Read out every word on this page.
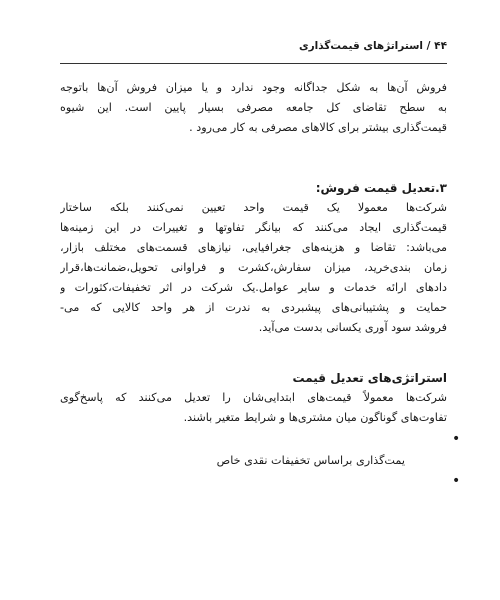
۴۴ / استراتژهای قیمت‌گذاری
فروش آن‌ها به شکل جداگانه وجود ندارد و یا میزان فروش آن‌ها باتوجه
به سطح تقاضای کل جامعه مصرفی بسیار پایین است. این شیوه
قیمت‌گذاری بیشتر برای کالاهای مصرفی به کار می‌رود .
۳.تعدیل قیمت فروش:
شرکت‌ها معمولا یک قیمت واحد تعیین نمی‌کنند بلکه ساختار
قیمت‌گذاری ایجاد می‌کنند که بیانگر تفاوتها و تغییرات در این زمینه‌ها
می‌باشد: تقاضا و هزینه‌های جغرافیایی، نیازهای قسمت‌های مختلف بازار،
زمان بندی‌خرید، میزان سفارش،کشرت و فراوانی تحویل،ضمانت‌ها،قرار
دادهای ارائه خدمات و سایر عوامل.یک شرکت در اثر تخفیفات،کثورات و
حمایت و پشتیبانی‌های پیشبردی به ندرت از هر واحد کالایی که می-
فروشد سود آوری یکسانی بدست می‌آید.
استراتژی‌های تعدیل قیمت
شرکت‌ها معمولاً قیمت‌های ابتدایی‌شان را تعدیل می‌کنند که پاسخ‌گوی
تفاوت‌های گوناگون میان مشتری‌ها و شرایط متغیر باشند.
•
یمت‌گذاری براساس تخفیفات نقدی خاص
•
